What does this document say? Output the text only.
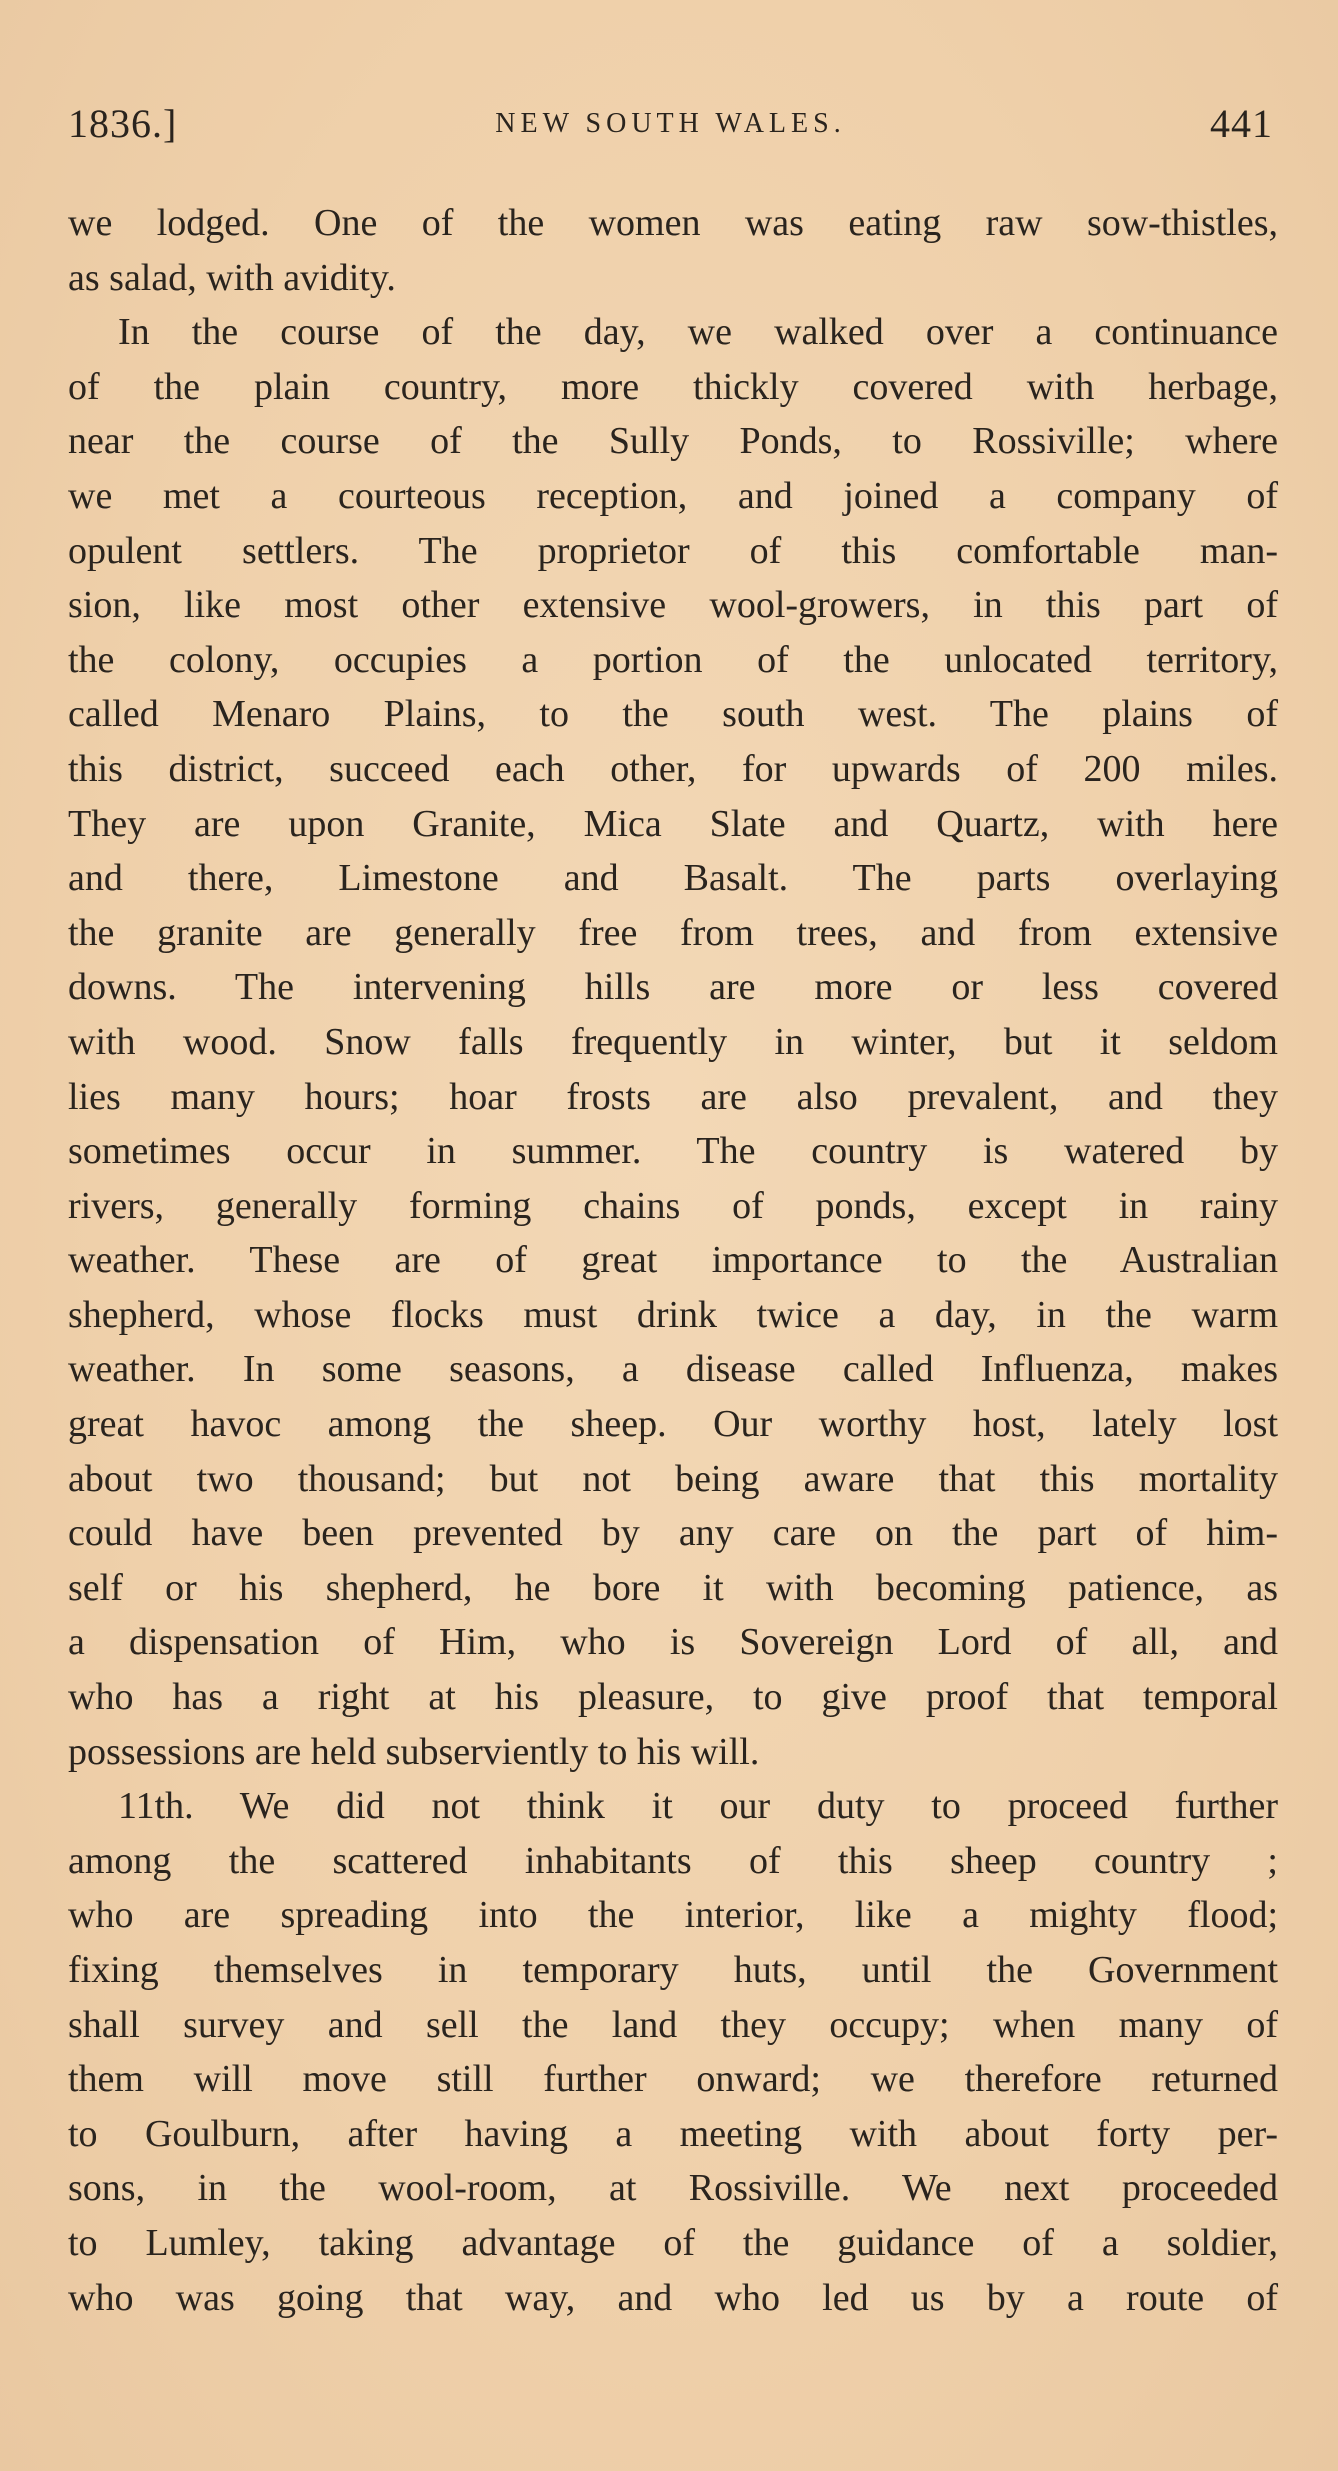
1836.]	NEW SOUTH WALES.	441
we lodged. One of the women was eating raw sow-thistles,
as salad, with avidity.
In the course of the day, we walked over a continuance
of the plain country, more thickly covered with herbage,
near the course of the Sully Ponds, to Rossiville; where
we met a courteous reception, and joined a company of
opulent settlers. The proprietor of this comfortable man-
sion, like most other extensive wool-growers, in this part of
the colony, occupies a portion of the unlocated territory,
called Menaro Plains, to the south west. The plains of
this district, succeed each other, for upwards of 200 miles.
They are upon Granite, Mica Slate and Quartz, with here
and there, Limestone and Basalt. The parts overlaying
the granite are generally free from trees, and from extensive
downs. The intervening hills are more or less covered
with wood. Snow falls frequently in winter, but it seldom
lies many hours; hoar frosts are also prevalent, and they
sometimes occur in summer. The country is watered by
rivers, generally forming chains of ponds, except in rainy
weather. These are of great importance to the Australian
shepherd, whose flocks must drink twice a day, in the warm
weather. In some seasons, a disease called Influenza, makes
great havoc among the sheep. Our worthy host, lately lost
about two thousand; but not being aware that this mortality
could have been prevented by any care on the part of him-
self or his shepherd, he bore it with becoming patience, as
a dispensation of Him, who is Sovereign Lord of all, and
who has a right at his pleasure, to give proof that temporal
possessions are held subserviently to his will.
11th. We did not think it our duty to proceed further
among the scattered inhabitants of this sheep country ;
who are spreading into the interior, like a mighty flood;
fixing themselves in temporary huts, until the Government
shall survey and sell the land they occupy; when many of
them will move still further onward; we therefore returned
to Goulburn, after having a meeting with about forty per-
sons, in the wool-room, at Rossiville. We next proceeded
to Lumley, taking advantage of the guidance of a soldier,
who was going that way, and who led us by a route of
